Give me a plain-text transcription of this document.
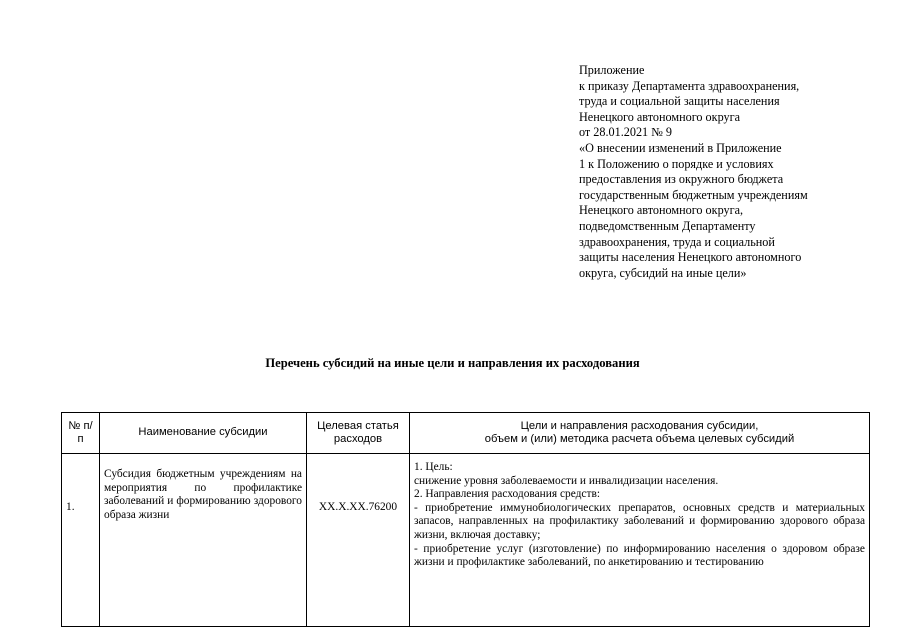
Приложение
к приказу Департамента здравоохранения,
труда и социальной защиты населения
Ненецкого автономного округа
от 28.01.2021 № 9
«О внесении изменений в Приложение
1 к Положению о порядке и условиях
предоставления из окружного бюджета
государственным бюджетным учреждениям
Ненецкого автономного округа,
подведомственным Департаменту
здравоохранения, труда и социальной
защиты населения Ненецкого автономного
округа, субсидий на иные цели»
Перечень субсидий на иные цели и направления их расходования
№ п/п	Наименование субсидии	Целевая статья расходов	Цели и направления расходования субсидии,
объем и (или) методика расчета объема целевых субсидий

1.	Субсидия бюджетным учреждениям на мероприятия по профилактике заболеваний и формированию здорового образа жизни	XX.X.XX.76200	1. Цель:
снижение уровня заболеваемости и инвалидизации населения.
2. Направления расходования средств:
- приобретение иммунобиологических препаратов, основных средств и материальных запасов, направленных на профилактику заболеваний и формированию здорового образа жизни, включая доставку;
- приобретение услуг (изготовление) по информированию населения о здоровом образе жизни и профилактике заболеваний, по анкетированию и тестированию
